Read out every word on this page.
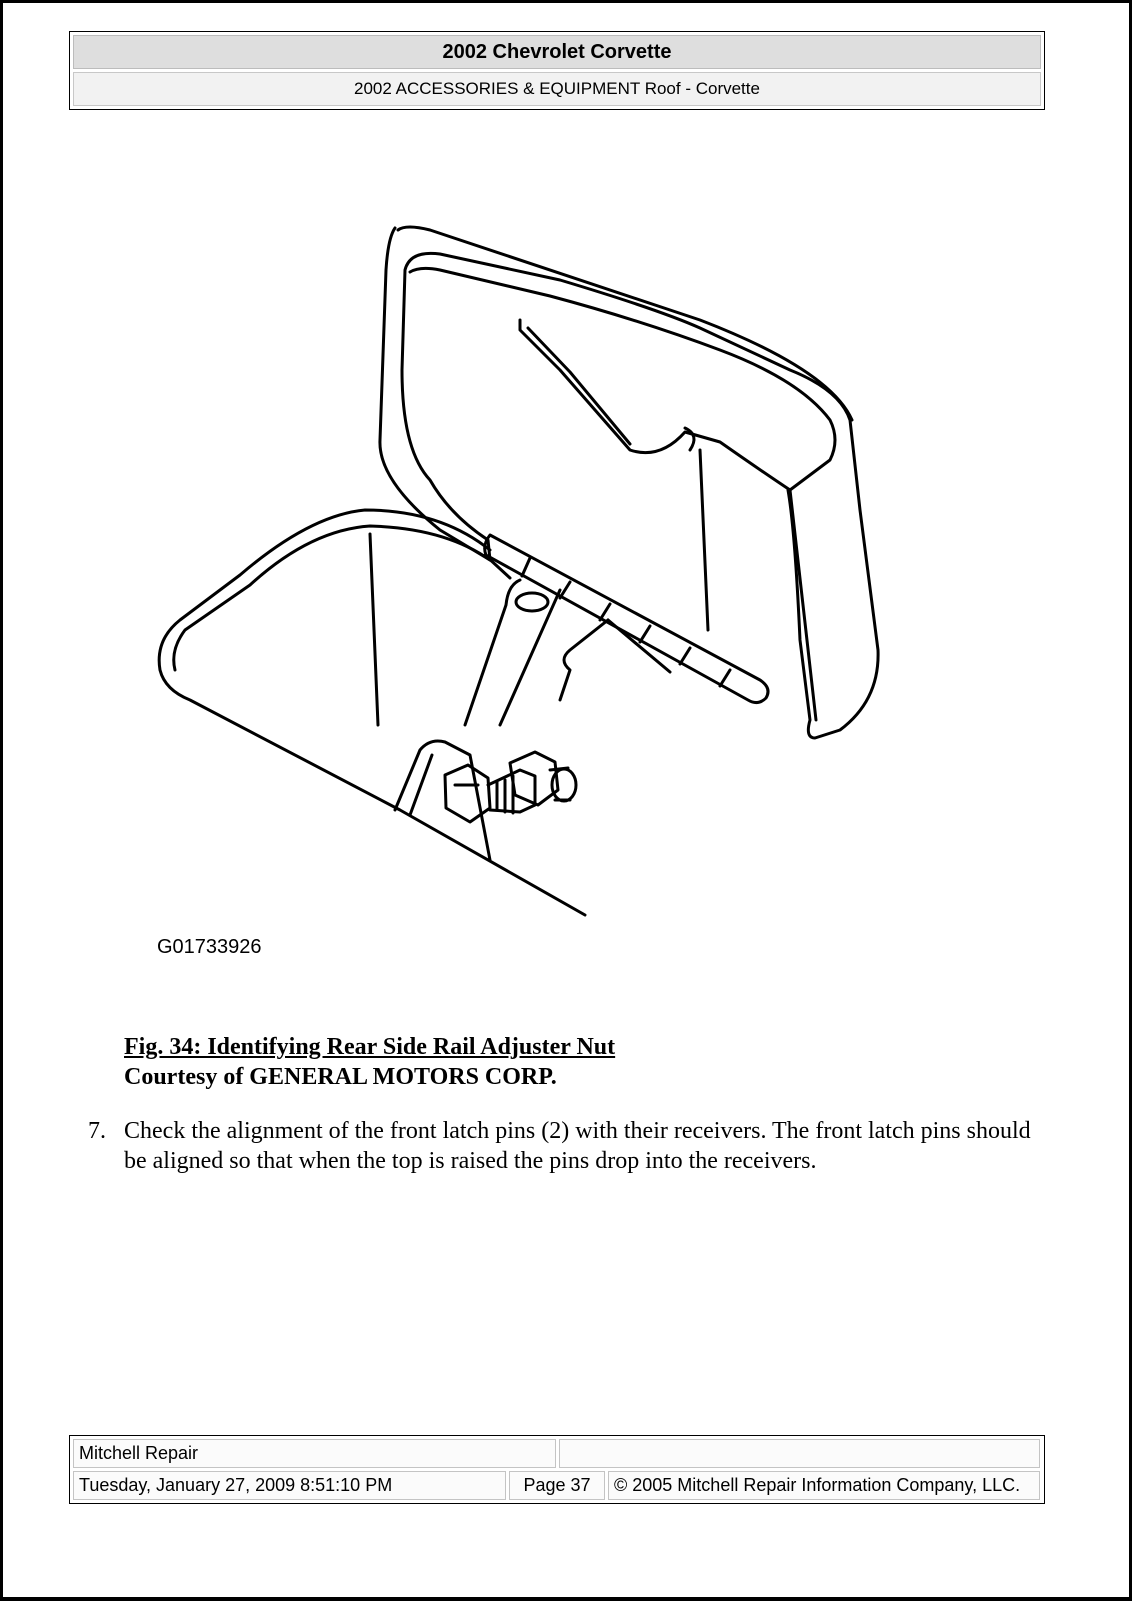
2002 Chevrolet Corvette
2002 ACCESSORIES & EQUIPMENT Roof - Corvette
G01733926
Fig. 34: Identifying Rear Side Rail Adjuster Nut
Courtesy of GENERAL MOTORS CORP.
7. Check the alignment of the front latch pins (2) with their receivers. The front latch pins should be aligned so that when the top is raised the pins drop into the receivers.
Mitchell Repair
Tuesday, January 27, 2009 8:51:10 PM	Page 37	© 2005 Mitchell Repair Information Company, LLC.
